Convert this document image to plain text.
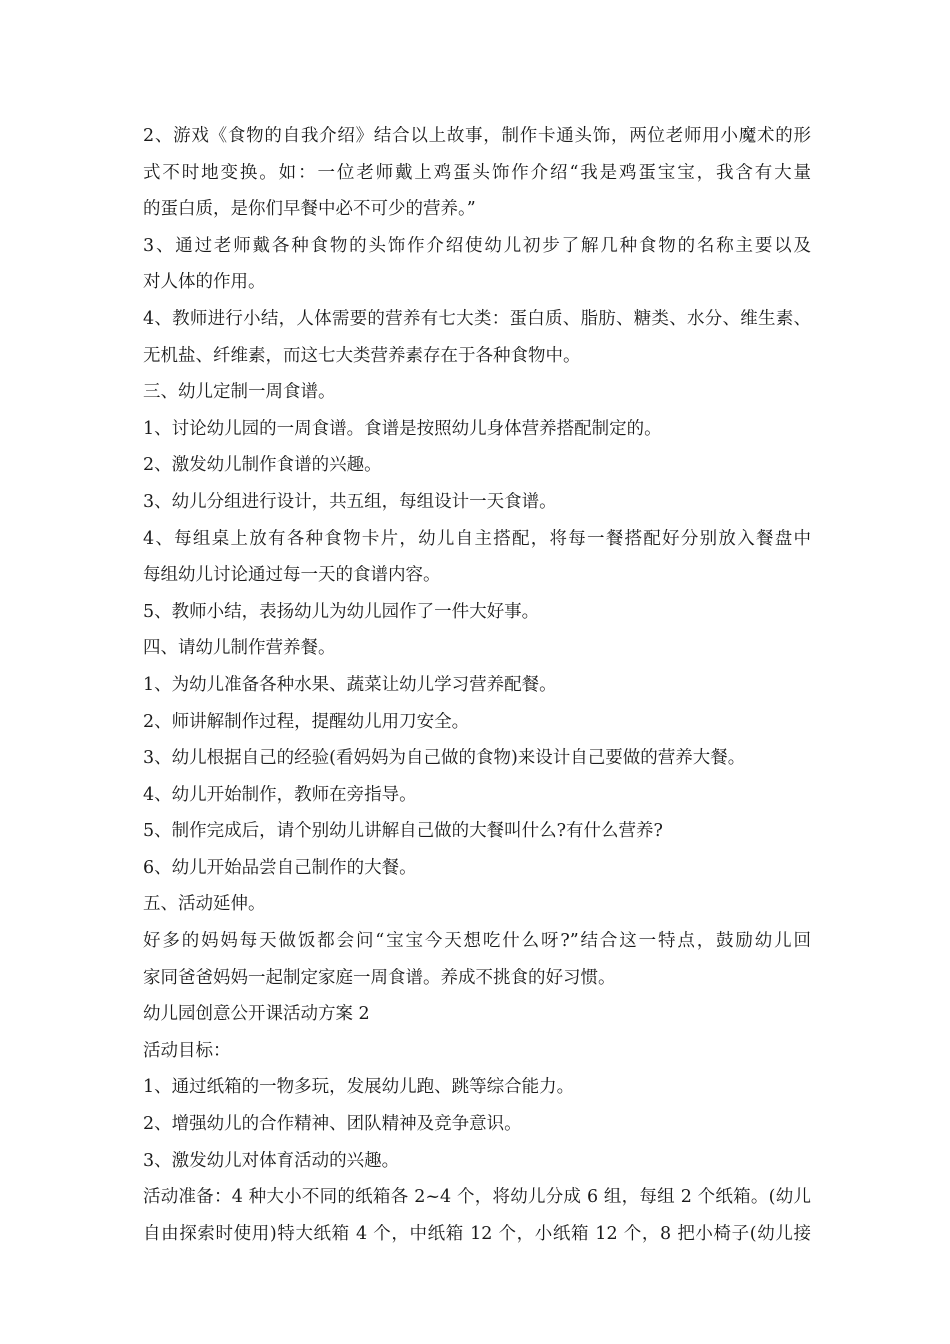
2、游戏《食物的自我介绍》结合以上故事，制作卡通头饰，两位老师用小魔术的形
式不时地变换。如：一位老师戴上鸡蛋头饰作介绍“我是鸡蛋宝宝，我含有大量
的蛋白质，是你们早餐中必不可少的营养。”
3、通过老师戴各种食物的头饰作介绍使幼儿初步了解几种食物的名称主要以及
对人体的作用。
4、教师进行小结，人体需要的营养有七大类：蛋白质、脂肪、糖类、水分、维生素、
无机盐、纤维素，而这七大类营养素存在于各种食物中。
三、幼儿定制一周食谱。
1、讨论幼儿园的一周食谱。食谱是按照幼儿身体营养搭配制定的。
2、激发幼儿制作食谱的兴趣。
3、幼儿分组进行设计，共五组，每组设计一天食谱。
4、每组桌上放有各种食物卡片，幼儿自主搭配，将每一餐搭配好分别放入餐盘中
每组幼儿讨论通过每一天的食谱内容。
5、教师小结，表扬幼儿为幼儿园作了一件大好事。
四、请幼儿制作营养餐。
1、为幼儿准备各种水果、蔬菜让幼儿学习营养配餐。
2、师讲解制作过程，提醒幼儿用刀安全。
3、幼儿根据自己的经验(看妈妈为自己做的食物)来设计自己要做的营养大餐。
4、幼儿开始制作，教师在旁指导。
5、制作完成后，请个别幼儿讲解自己做的大餐叫什么?有什么营养?
6、幼儿开始品尝自己制作的大餐。
五、活动延伸。
好多的妈妈每天做饭都会问“宝宝今天想吃什么呀?”结合这一特点，鼓励幼儿回
家同爸爸妈妈一起制定家庭一周食谱。养成不挑食的好习惯。
幼儿园创意公开课活动方案 2
活动目标：
1、通过纸箱的一物多玩，发展幼儿跑、跳等综合能力。
2、增强幼儿的合作精神、团队精神及竞争意识。
3、激发幼儿对体育活动的兴趣。
活动准备：4 种大小不同的纸箱各 2~4 个，将幼儿分成 6 组，每组 2 个纸箱。(幼儿
自由探索时使用)特大纸箱 4 个，中纸箱 12 个，小纸箱 12 个，8 把小椅子(幼儿接
